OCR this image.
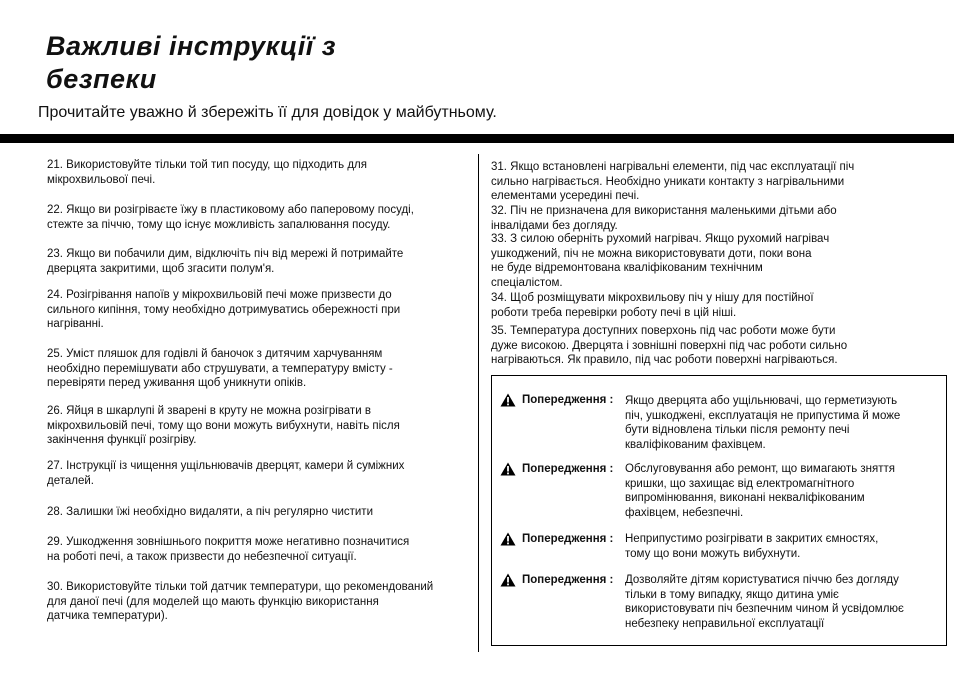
Важливі інструкції з
безпеки
Прочитайте уважно й збережіть її для довідок у майбутньому.
21. Використовуйте тільки той тип посуду, що підходить для
мікрохвильової печі.
22. Якщо ви розігріваєте їжу в пластиковому або паперовому посуді,
стежте за піччю, тому що існує можливість запалювання посуду.
23. Якщо ви побачили дим, відключіть піч від мережі й потримайте
дверцята закритими, щоб згасити полум'я.
24. Розігрівання напоїв у мікрохвильовій печі може призвести до
сильного кипіння, тому необхідно дотримуватись обережності при
нагріванні.
25. Уміст пляшок для годівлі й баночок з дитячим харчуванням
необхідно перемішувати або струшувати, а температуру вмісту -
перевіряти перед уживання щоб уникнути опіків.
26. Яйця в шкарлупі й зварені в круту не можна розігрівати в
мікрохвильовій печі, тому що вони можуть вибухнути, навіть після
закінчення функції розігріву.
27. Інструкції із чищення ущільнювачів дверцят, камери й суміжних
деталей.
28. Залишки їжі необхідно видаляти, а піч регулярно чистити
29. Ушкодження зовнішнього покриття може негативно позначитися
на роботі печі, а також призвести до небезпечної ситуації.
30. Використовуйте тільки той датчик температури, що рекомендований
для даної печі (для моделей що мають функцію використання
датчика температури).
31. Якщо встановлені нагрівальні елементи, під час експлуатації піч
сильно нагрівається. Необхідно уникати контакту з нагрівальними
елементами усередині печі.
32. Піч не призначена для використання маленькими дітьми або
інвалідами без догляду.
33. З силою оберніть рухомий нагрівач. Якщо рухомий нагрівач
ушкоджений, піч не можна використовувати доти, поки вона
не буде відремонтована кваліфікованим технічним
спеціалістом.
34. Щоб розміщувати мікрохвильову піч у нішу для постійної
роботи треба перевірки роботу печі в цій ніші.
35. Температура доступних поверхонь під час роботи може бути
дуже високою. Дверцята і зовнішні поверхні під час роботи сильно
нагріваються. Як правило, під час роботи поверхні нагріваються.
Попередження : Якщо дверцята або ущільнювачі, що герметизують
піч, ушкоджені, експлуатація не припустима й може
бути відновлена тільки після ремонту печі
кваліфікованим фахівцем.
Попередження : Обслуговування або ремонт, що вимагають зняття
кришки, що захищає від електромагнітного
випромінювання, виконані некваліфікованим
фахівцем, небезпечні.
Попередження : Неприпустимо розігрівати в закритих ємностях,
тому що вони можуть вибухнути.
Попередження : Дозволяйте дітям користуватися піччю без догляду
тільки в тому випадку, якщо дитина уміє
використовувати піч безпечним чином й усвідомлює
небезпеку неправильної експлуатації
